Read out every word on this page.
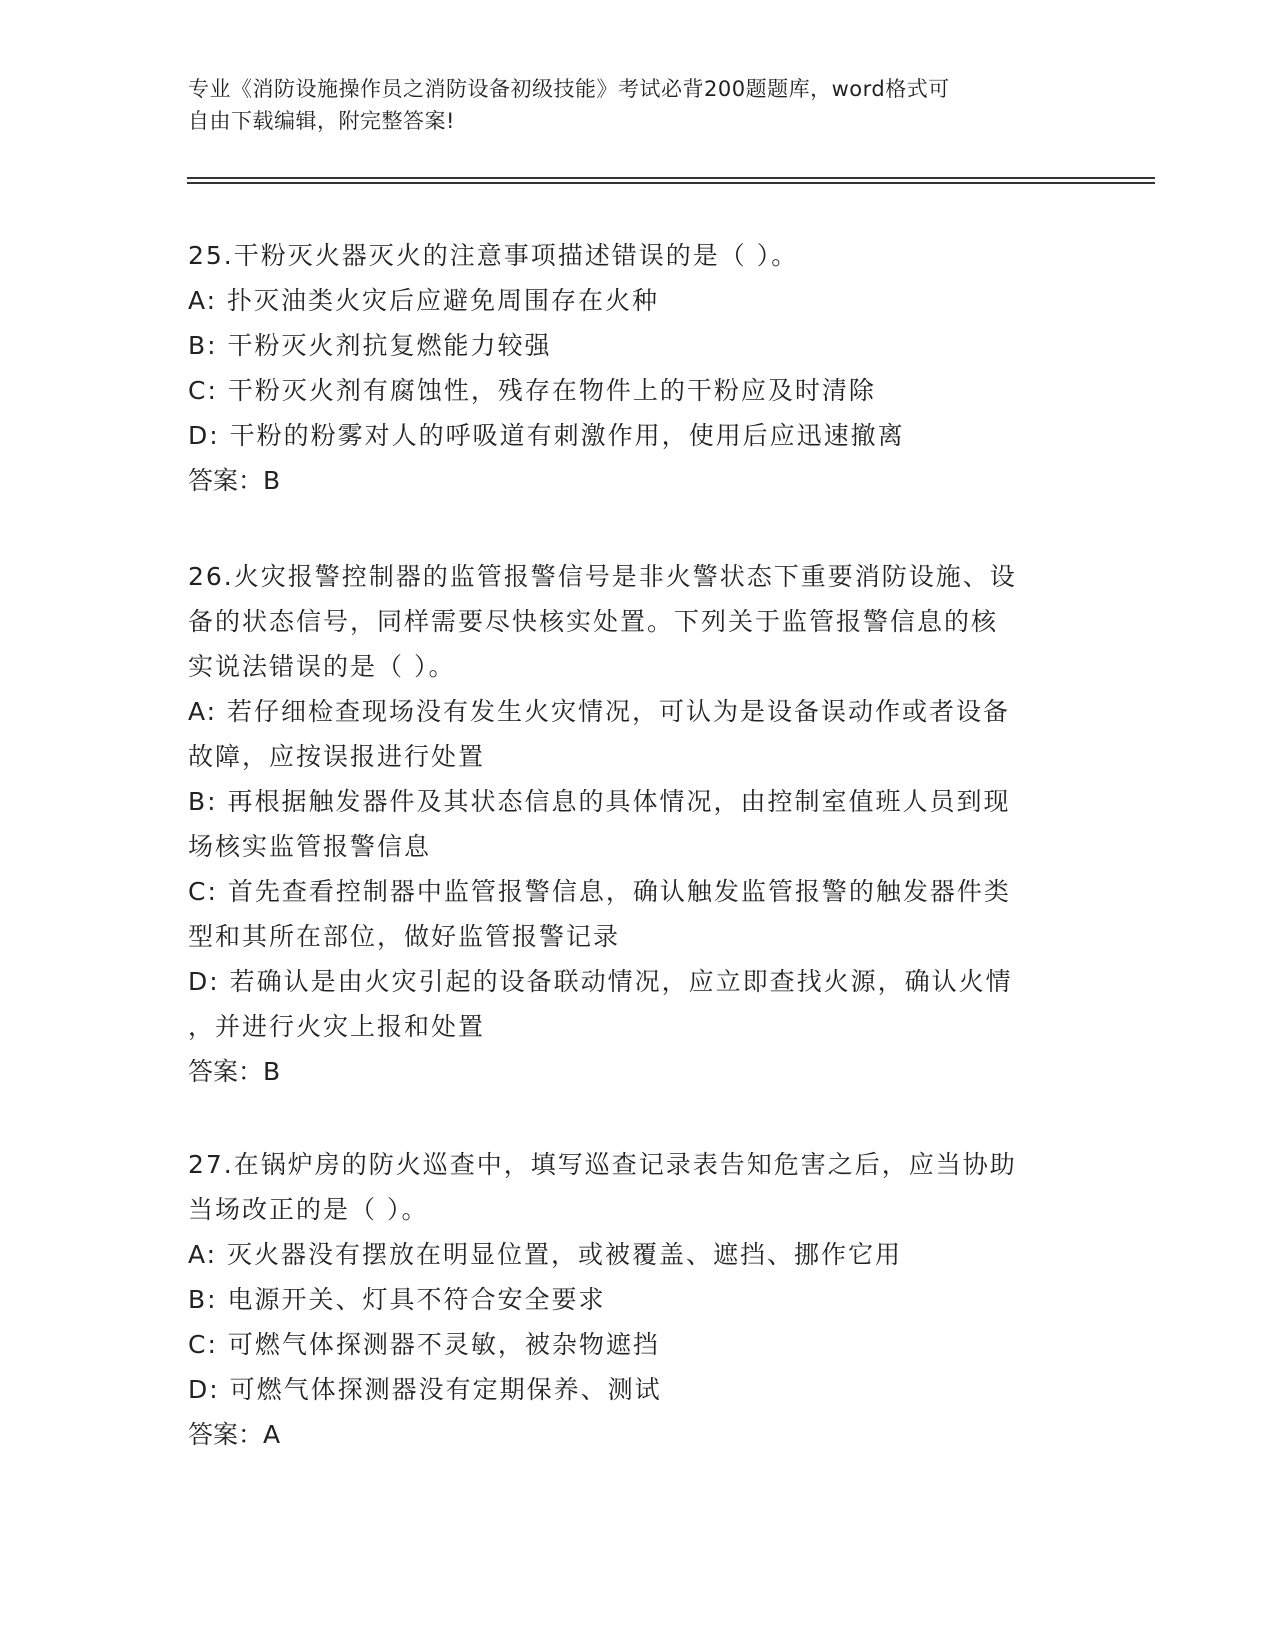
专业《消防设施操作员之消防设备初级技能》考试必背200题题库，word格式可
自由下载编辑，附完整答案!
25.干粉灭火器灭火的注意事项描述错误的是（ ）。
A: 扑灭油类火灾后应避免周围存在火种
B: 干粉灭火剂抗复燃能力较强
C: 干粉灭火剂有腐蚀性，残存在物件上的干粉应及时清除
D: 干粉的粉雾对人的呼吸道有刺激作用，使用后应迅速撤离
答案：B
26.火灾报警控制器的监管报警信号是非火警状态下重要消防设施、设
备的状态信号，同样需要尽快核实处置。下列关于监管报警信息的核
实说法错误的是（ ）。
A: 若仔细检查现场没有发生火灾情况，可认为是设备误动作或者设备
故障，应按误报进行处置
B: 再根据触发器件及其状态信息的具体情况，由控制室值班人员到现
场核实监管报警信息
C: 首先查看控制器中监管报警信息，确认触发监管报警的触发器件类
型和其所在部位，做好监管报警记录
D: 若确认是由火灾引起的设备联动情况，应立即查找火源，确认火情
，并进行火灾上报和处置
答案：B
27.在锅炉房的防火巡查中，填写巡查记录表告知危害之后，应当协助
当场改正的是（ ）。
A: 灭火器没有摆放在明显位置，或被覆盖、遮挡、挪作它用
B: 电源开关、灯具不符合安全要求
C: 可燃气体探测器不灵敏，被杂物遮挡
D: 可燃气体探测器没有定期保养、测试
答案：A
